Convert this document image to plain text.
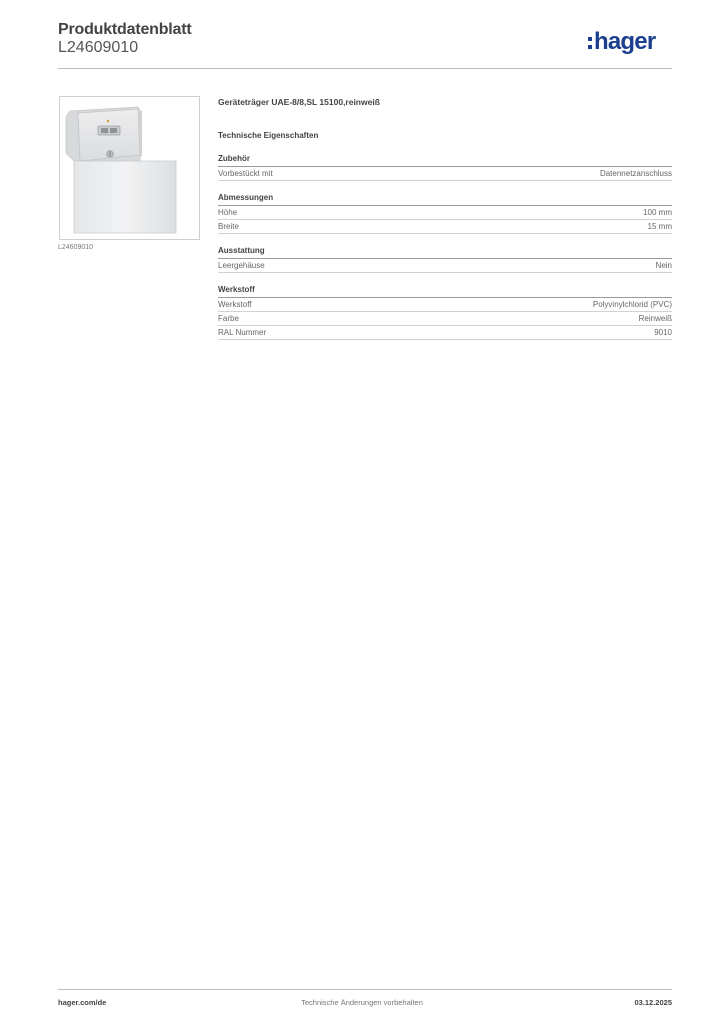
Produktdatenblatt
L24609010	hager
L24609010
Geräteträger UAE-8/8,SL 15100,reinweiß
Technische Eigenschaften
Zubehör
Vorbestückt mit	Datennetzanschluss
Abmessungen
Höhe	100 mm
Breite	15 mm
Ausstattung
Leergehäuse	Nein
Werkstoff
Werkstoff	Polyvinylchlorid (PVC)
Farbe	Reinweiß
RAL Nummer	9010
hager.com/de	Technische Änderungen vorbehalten	03.12.2025
